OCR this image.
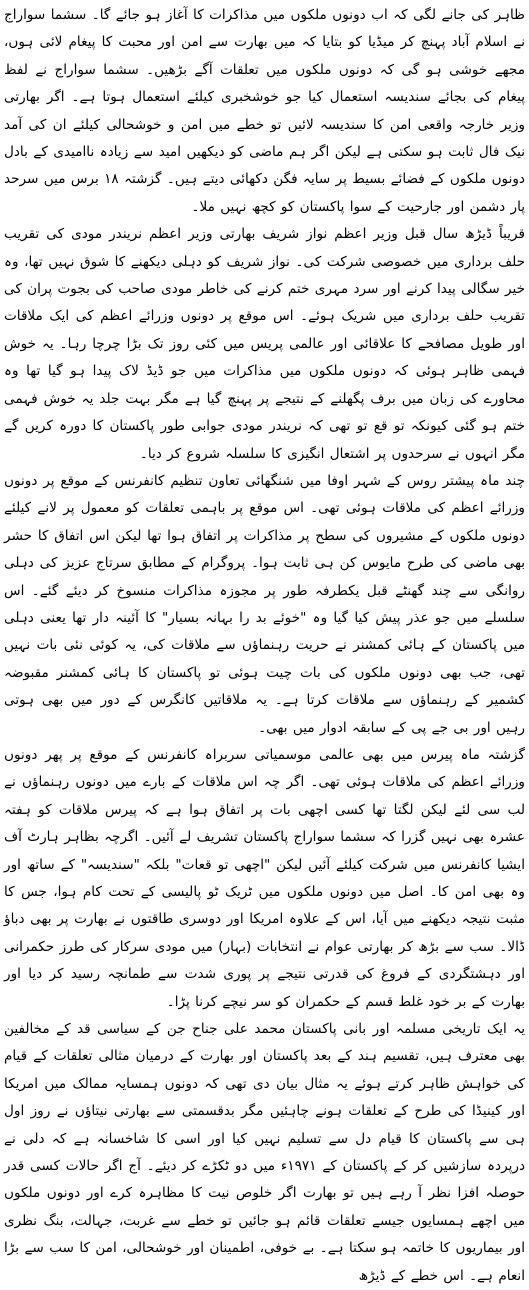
ظاہر کی جانے لگی کہ اب دونوں ملکوں میں مذاکرات کا آغاز ہو جائے گا۔ سشما سواراج نے اسلام آباد پہنچ کر میڈیا کو بتایا کہ میں بھارت سے امن اور محبت کا پیغام لائی ہوں، مجھے خوشی ہو گی کہ دونوں ملکوں میں تعلقات آگے بڑھیں۔ سشما سواراج نے لفظ پیغام کی بجائے سندیسہ استعمال کیا جو خوشخبری کیلئے استعمال ہوتا ہے۔ اگر بھارتی وزیر خارجہ واقعی امن کا سندیسہ لائیں تو خطے میں امن و خوشحالی کیلئے ان کی آمد نیک فال ثابت ہو سکتی ہے لیکن اگر ہم ماضی کو دیکھیں امید سے زیادہ ناامیدی کے بادل دونوں ملکوں کے فضائے بسیط پر سایہ فگن دکھائی دیتے ہیں۔ گزشتہ ۱۸ برس میں سرحد پار دشمن اور جارحیت کے سوا پاکستان کو کچھ نہیں ملا۔

قریباً ڈیڑھ سال قبل وزیر اعظم نواز شریف بھارتی وزیر اعظم نریندر مودی کی تقریب حلف برداری میں خصوصی شرکت کی۔ نواز شریف کو دہلی دیکھنے کا شوق نہیں تھا، وہ خیر سگالی پیدا کرنے اور سرد مہری ختم کرنے کی خاطر مودی صاحب کی بجوت پران کی تقریب حلف برداری میں شریک ہوئے۔ اس موقع پر دونوں وزرائے اعظم کی ایک ملاقات اور طویل مصافحے کا علاقائی اور عالمی پریس میں کئی روز تک بڑا چرچا رہا۔ یہ خوش فہمی ظاہر ہوئی کہ دونوں ملکوں میں مذاکرات میں جو ڈیڈ لاک پیدا ہو گیا تھا وہ محاورے کی زبان میں برف پگھلنے کے نتیجے پر پہنچ گیا ہے مگر بہت جلد یہ خوش فہمی ختم ہو گئی کیونکہ تو قع تو تھی کہ نریندر مودی جوابی طور پاکستان کا دورہ کریں گے مگر انہوں نے سرحدوں پر اشتعال انگیزی کا سلسلہ شروع کر دیا۔

چند ماہ پیشتر روس کے شہر اوفا میں شنگھائی تعاون تنظیم کانفرنس کے موقع پر دونوں وزرائے اعظم کی ملاقات ہوئی تھی۔ اس موقع پر باہمی تعلقات کو معمول پر لانے کیلئے دونوں ملکوں کے مشیروں کی سطح پر مذاکرات پر اتفاق ہوا تھا لیکن اس اتفاق کا حشر بھی ماضی کی طرح مایوس کن ہی ثابت ہوا۔ پروگرام کے مطابق سرتاج عزیز کی دہلی روانگی سے چند گھنٹے قبل یکطرفہ طور پر مجوزہ مذاکرات منسوخ کر دیئے گئے۔ اس سلسلے میں جو عذر پیش کیا گیا وہ "خوئے بد را بہانہ بسیار" کا آئینہ دار تھا یعنی دہلی میں پاکستان کے ہائی کمشنر نے حریت رہنماؤں سے ملاقات کی، یہ کوئی نئی بات نہیں تھی، جب بھی دونوں ملکوں کی بات چیت ہوئی تو پاکستان کا ہائی کمشنر مقبوضہ کشمیر کے رہنماؤں سے ملاقات کرتا ہے۔ یہ ملاقاتیں کانگرس کے دور میں بھی ہوتی رہیں اور بی جے پی کے سابقہ ادوار میں بھی۔

گزشتہ ماہ پیرس میں بھی عالمی موسمیاتی سربراہ کانفرنس کے موقع پر پھر دونوں وزرائے اعظم کی ملاقات ہوئی تھی۔ اگر چہ اس ملاقات کے بارے میں دونوں رہنماؤں نے لب سی لئے لیکن لگتا تھا کسی اچھی بات پر اتفاق ہوا ہے کہ پیرس ملاقات کو ہفتہ عشرہ بھی نہیں گزرا کہ سشما سواراج پاکستان تشریف لے آئیں۔ اگرچہ بظاہر ہارٹ آف ایشیا کانفرنس میں شرکت کیلئے آئیں لیکن "اچھی تو قعات" بلکہ "سندیسہ" کے ساتھ اور وہ بھی امن کا۔ اصل میں دونوں ملکوں میں ٹریک ٹو پالیسی کے تحت کام ہوا، جس کا مثبت نتیجہ دیکھنے میں آیا، اس کے علاوہ امریکا اور دوسری طاقتوں نے بھارت پر بھی دباؤ ڈالا۔ سب سے بڑھ کر بھارتی عوام نے انتخابات (بہار) میں مودی سرکار کی طرز حکمرانی اور دہشتگردی کے فروغ کی قدرتی نتیجے پر پوری شدت سے طمانچہ رسید کر دیا اور بھارت کے بر خود غلط قسم کے حکمران کو سر نیچے کرنا پڑا۔

یہ ایک تاریخی مسلمہ اور بانی پاکستان محمد علی جناح جن کے سیاسی قد کے مخالفین بھی معترف ہیں، تقسیم ہند کے بعد پاکستان اور بھارت کے درمیان مثالی تعلقات کے قیام کی خواہش ظاہر کرتے ہوئے یہ مثال بیان دی تھی کہ دونوں ہمسایہ ممالک میں امریکا اور کینیڈا کی طرح کے تعلقات ہونے چاہئیں مگر بدقسمتی سے بھارتی نیتاؤں نے روز اول ہی سے پاکستان کا قیام دل سے تسلیم نہیں کیا اور اسی کا شاخسانہ ہے کہ دلی نے درپردہ سازشیں کر کے پاکستان کے ۱۹۷۱ء میں دو ٹکڑے کر دیئے۔ آج اگر حالات کسی قدر حوصلہ افزا نظر آ رہے ہیں تو بھارت اگر خلوص نیت کا مظاہرہ کرے اور دونوں ملکوں میں اچھے ہمسایوں جیسے تعلقات قائم ہو جائیں تو خطے سے غربت، جہالت، بنگ نظری اور بیماریوں کا خاتمہ ہو سکتا ہے۔ بے خوفی، اطمینان اور خوشحالی، امن کا سب سے بڑا انعام ہے۔ اس خطے کے ڈیڑھ
